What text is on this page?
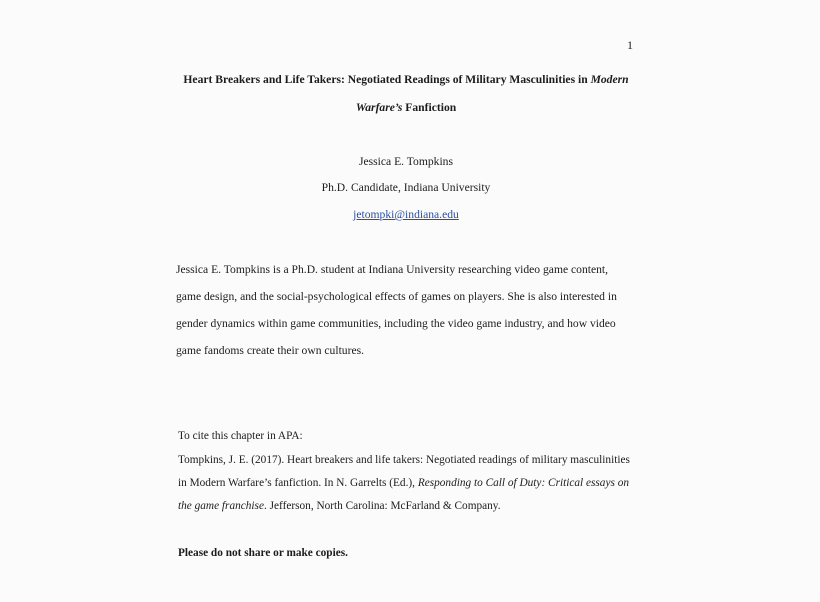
1
Heart Breakers and Life Takers: Negotiated Readings of Military Masculinities in Modern
Warfare’s Fanfiction
Jessica E. Tompkins
Ph.D. Candidate, Indiana University
jetompki@indiana.edu
Jessica E. Tompkins is a Ph.D. student at Indiana University researching video game content,
game design, and the social-psychological effects of games on players. She is also interested in
gender dynamics within game communities, including the video game industry, and how video
game fandoms create their own cultures.
To cite this chapter in APA:
Tompkins, J. E. (2017). Heart breakers and life takers: Negotiated readings of military masculinities
in Modern Warfare’s fanfiction. In N. Garrelts (Ed.), Responding to Call of Duty: Critical essays on
the game franchise. Jefferson, North Carolina: McFarland & Company.
Please do not share or make copies.
